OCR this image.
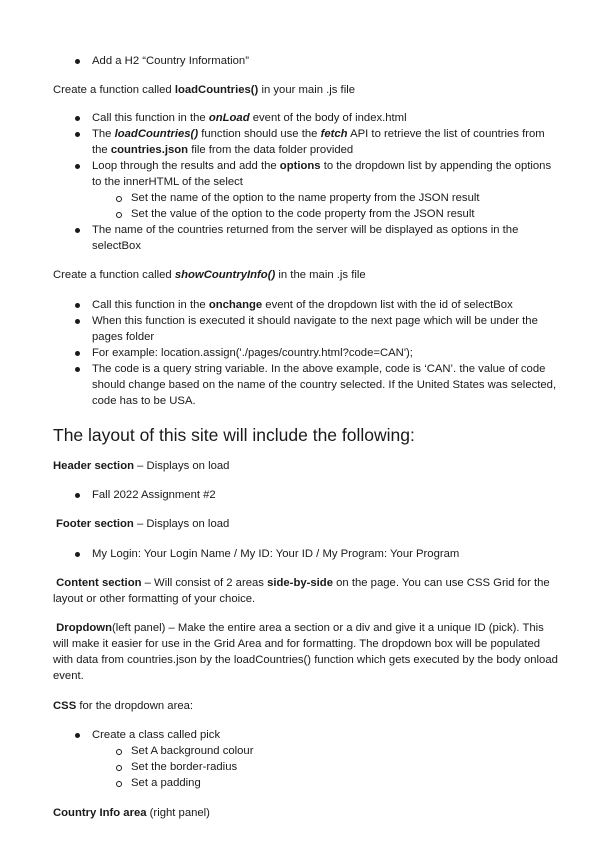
Add a H2 “Country Information”

Create a function called loadCountries() in your main .js file

Call this function in the onLoad event of the body of index.html
The loadCountries() function should use the fetch API to retrieve the list of countries from the countries.json file from the data folder provided
Loop through the results and add the options to the dropdown list by appending the options to the innerHTML of the select
Set the name of the option to the name property from the JSON result
Set the value of the option to the code property from the JSON result
The name of the countries returned from the server will be displayed as options in the selectBox

Create a function called showCountryInfo() in the main .js file

Call this function in the onchange event of the dropdown list with the id of selectBox
When this function is executed it should navigate to the next page which will be under the pages folder
For example: location.assign('./pages/country.html?code=CAN');
The code is a query string variable. In the above example, code is ‘CAN’. the value of code should change based on the name of the country selected. If the United States was selected, code has to be USA.
The layout of this site will include the following:

Header section – Displays on load

Fall 2022 Assignment #2

Footer section – Displays on load

My Login: Your Login Name / My ID: Your ID / My Program: Your Program

Content section – Will consist of 2 areas side-by-side on the page. You can use CSS Grid for the layout or other formatting of your choice.

Dropdown(left panel) – Make the entire area a section or a div and give it a unique ID (pick). This will make it easier for use in the Grid Area and for formatting. The dropdown box will be populated with data from countries.json by the loadCountries() function which gets executed by the body onload event.

CSS for the dropdown area:

Create a class called pick
Set A background colour
Set the border-radius
Set a padding

Country Info area (right panel)
